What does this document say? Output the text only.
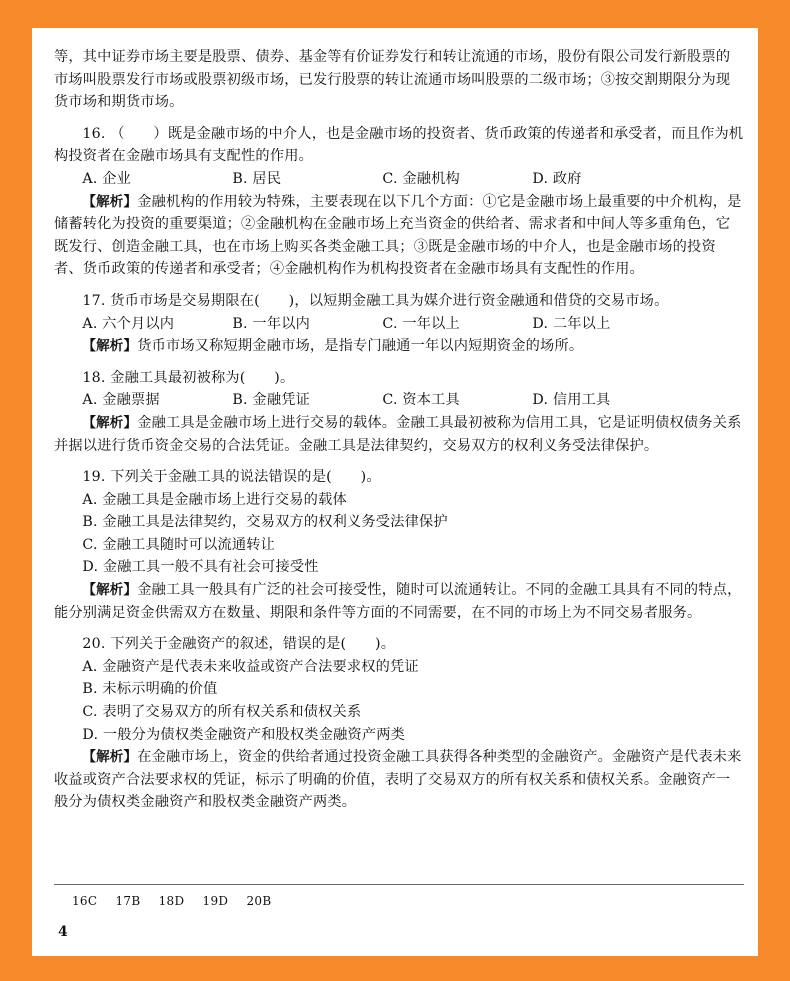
等，其中证券市场主要是股票、债券、基金等有价证券发行和转让流通的市场，股份有限公司发行新股票的市场叫股票发行市场或股票初级市场，已发行股票的转让流通市场叫股票的二级市场；③按交割期限分为现货市场和期货市场。

16. （　　）既是金融市场的中介人，也是金融市场的投资者、货币政策的传递者和承受者，而且作为机构投资者在金融市场具有支配性的作用。

A. 企业	B. 居民	C. 金融机构	D. 政府

【解析】金融机构的作用较为特殊，主要表现在以下几个方面：①它是金融市场上最重要的中介机构，是储蓄转化为投资的重要渠道；②金融机构在金融市场上充当资金的供给者、需求者和中间人等多重角色，它既发行、创造金融工具，也在市场上购买各类金融工具；③既是金融市场的中介人，也是金融市场的投资者、货币政策的传递者和承受者；④金融机构作为机构投资者在金融市场具有支配性的作用。

17. 货币市场是交易期限在(　　)，以短期金融工具为媒介进行资金融通和借贷的交易市场。

A. 六个月以内	B. 一年以内	C. 一年以上	D. 二年以上

【解析】货币市场又称短期金融市场，是指专门融通一年以内短期资金的场所。

18. 金融工具最初被称为(　　)。

A. 金融票据	B. 金融凭证	C. 资本工具	D. 信用工具

【解析】金融工具是金融市场上进行交易的载体。金融工具最初被称为信用工具，它是证明债权债务关系并据以进行货币资金交易的合法凭证。金融工具是法律契约，交易双方的权利义务受法律保护。

19. 下列关于金融工具的说法错误的是(　　)。

A. 金融工具是金融市场上进行交易的载体

B. 金融工具是法律契约，交易双方的权利义务受法律保护

C. 金融工具随时可以流通转让

D. 金融工具一般不具有社会可接受性

【解析】金融工具一般具有广泛的社会可接受性，随时可以流通转让。不同的金融工具具有不同的特点，能分别满足资金供需双方在数量、期限和条件等方面的不同需要，在不同的市场上为不同交易者服务。

20. 下列关于金融资产的叙述，错误的是(　　)。

A. 金融资产是代表未来收益或资产合法要求权的凭证

B. 未标示明确的价值

C. 表明了交易双方的所有权关系和债权关系

D. 一般分为债权类金融资产和股权类金融资产两类

【解析】在金融市场上，资金的供给者通过投资金融工具获得各种类型的金融资产。金融资产是代表未来收益或资产合法要求权的凭证，标示了明确的价值，表明了交易双方的所有权关系和债权关系。金融资产一般分为债权类金融资产和股权类金融资产两类。

16C 17B 18D 19D 20B
4
